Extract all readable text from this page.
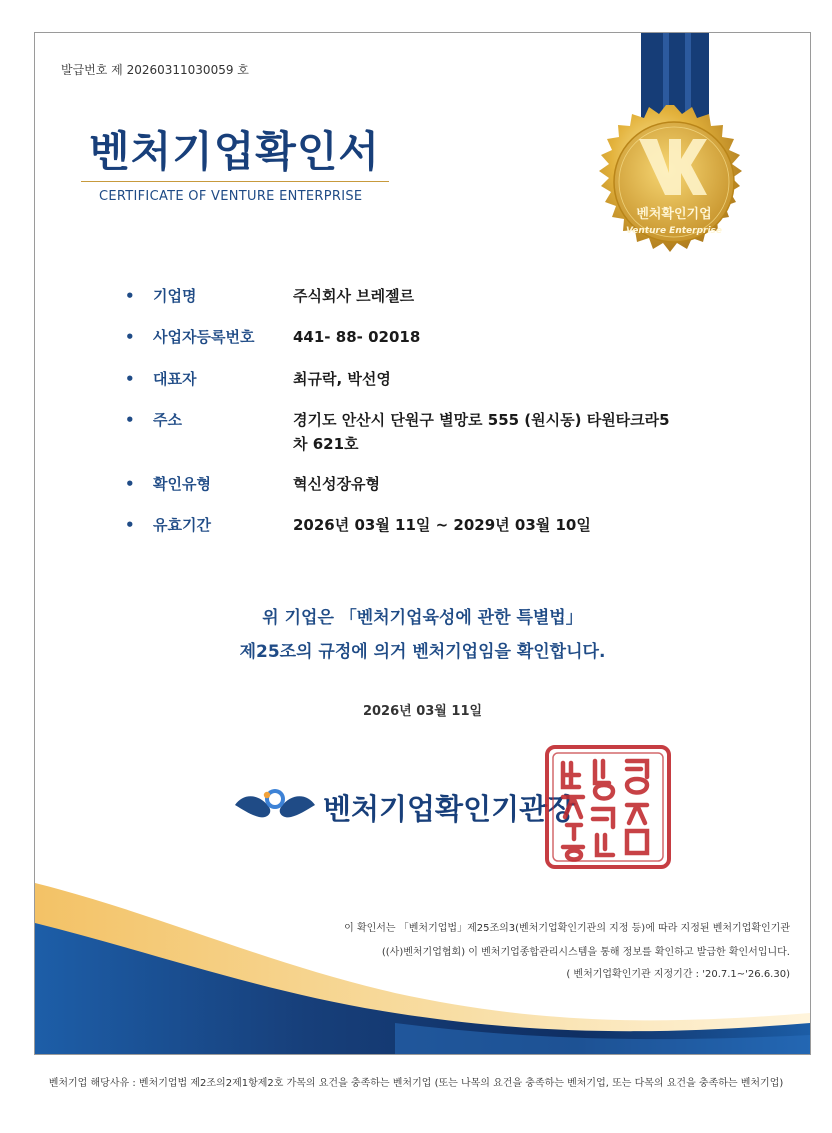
발급번호 제 20260311030059 호
벤처기업확인서
CERTIFICATE OF VENTURE ENTERPRISE
벤처확인기업
Venture Enterprise
• 기업명	주식회사 브레젤르
• 사업자등록번호	441- 88- 02018
• 대표자	최규락, 박선영
• 주소	경기도 안산시 단원구 별망로 555 (원시동) 타원타크라5
차 621호
• 확인유형	혁신성장유형
• 유효기간	2026년 03월 11일 ~ 2029년 03월 10일
위 기업은 「벤처기업육성에 관한 특별법」
제25조의 규정에 의거 벤처기업임을 확인합니다.
2026년 03월 11일
벤처기업확인기관장
이 확인서는 「벤처기업법」제25조의3(벤처기업확인기관의 지정 등)에 따라 지정된 벤처기업확인기관
((사)벤처기업협회) 이 벤처기업종합관리시스템을 통해 정보를 확인하고 발급한 확인서입니다.
( 벤처기업확인기관 지정기간 : '20.7.1~'26.6.30)
벤처기업 해당사유 : 벤처기업법 제2조의2제1항제2호 가목의 요건을 충족하는 벤처기업 (또는 나목의 요건을 충족하는 벤처기업, 또는 다목의 요건을 충족하는 벤처기업)
